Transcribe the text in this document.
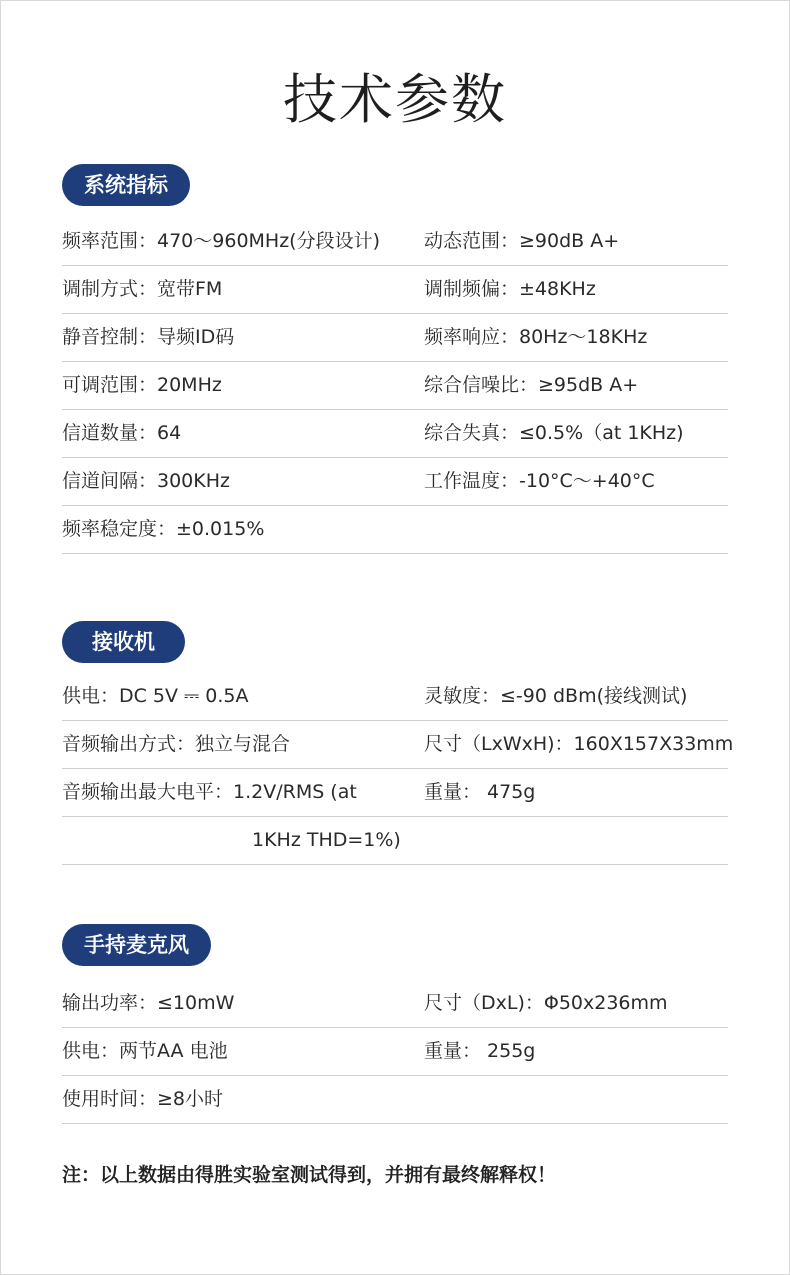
技术参数
系统指标
频率范围：470～960MHz(分段设计) 动态范围：≥90dB A+
调制方式：宽带FM	调制频偏：±48KHz
静音控制：导频ID码	频率响应：80Hz～18KHz
可调范围：20MHz	综合信噪比：≥95dB A+
信道数量：64	综合失真：≤0.5%（at 1KHz)
信道间隔：300KHz	工作温度：-10°C～+40°C
频率稳定度：±0.015%
接收机
供电：DC 5V ⎓ 0.5A	灵敏度：≤-90 dBm(接线测试)
音频输出方式：独立与混合	尺寸（LxWxH)：160X157X33mm
音频输出最大电平：1.2V/RMS (at	重量： 475g
1KHz THD=1%)
手持麦克风
输出功率：≤10mW	尺寸（DxL)：Φ50x236mm
供电：两节AA 电池	重量： 255g
使用时间：≥8小时
注：以上数据由得胜实验室测试得到，并拥有最终解释权！
